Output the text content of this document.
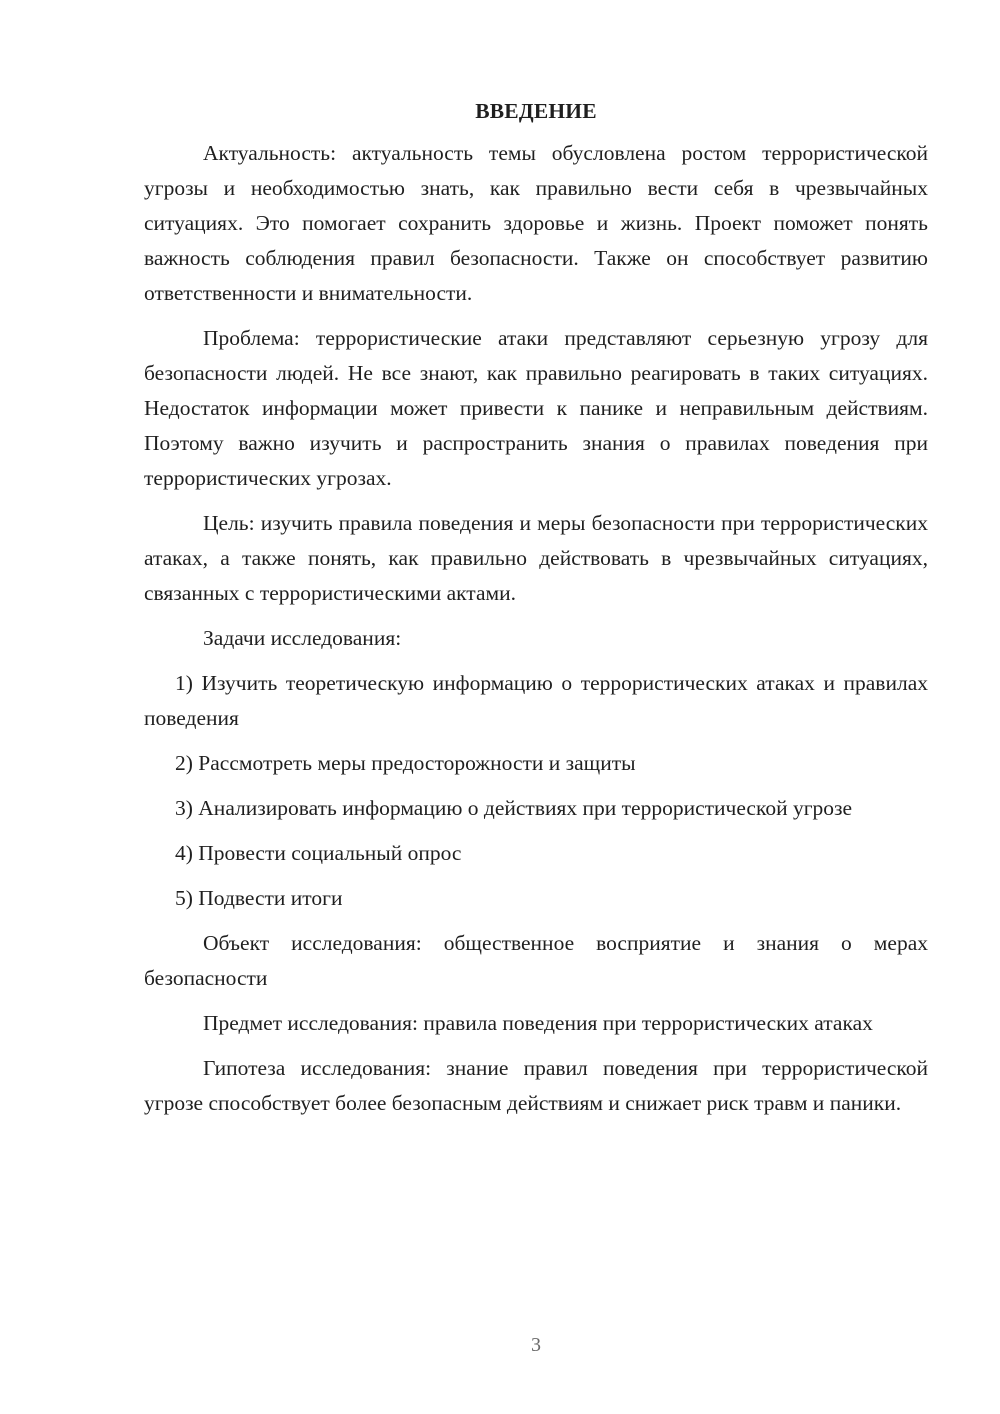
ВВЕДЕНИЕ

Актуальность: актуальность темы обусловлена ростом террористической угрозы и необходимостью знать, как правильно вести себя в чрезвычайных ситуациях. Это помогает сохранить здоровье и жизнь. Проект поможет понять важность соблюдения правил безопасности. Также он способствует развитию ответственности и внимательности.

Проблема: террористические атаки представляют серьезную угрозу для безопасности людей. Не все знают, как правильно реагировать в таких ситуациях. Недостаток информации может привести к панике и неправильным действиям. Поэтому важно изучить и распространить знания о правилах поведения при террористических угрозах.

Цель: изучить правила поведения и меры безопасности при террористических атаках, а также понять, как правильно действовать в чрезвычайных ситуациях, связанных с террористическими актами.

Задачи исследования:

1) Изучить теоретическую информацию о террористических атаках и правилах поведения

2) Рассмотреть меры предосторожности и защиты

3) Анализировать информацию о действиях при террористической угрозе

4) Провести социальный опрос

5) Подвести итоги

Объект исследования: общественное восприятие и знания о мерах безопасности

Предмет исследования: правила поведения при террористических атаках

Гипотеза исследования: знание правил поведения при террористической угрозе способствует более безопасным действиям и снижает риск травм и паники.

3
